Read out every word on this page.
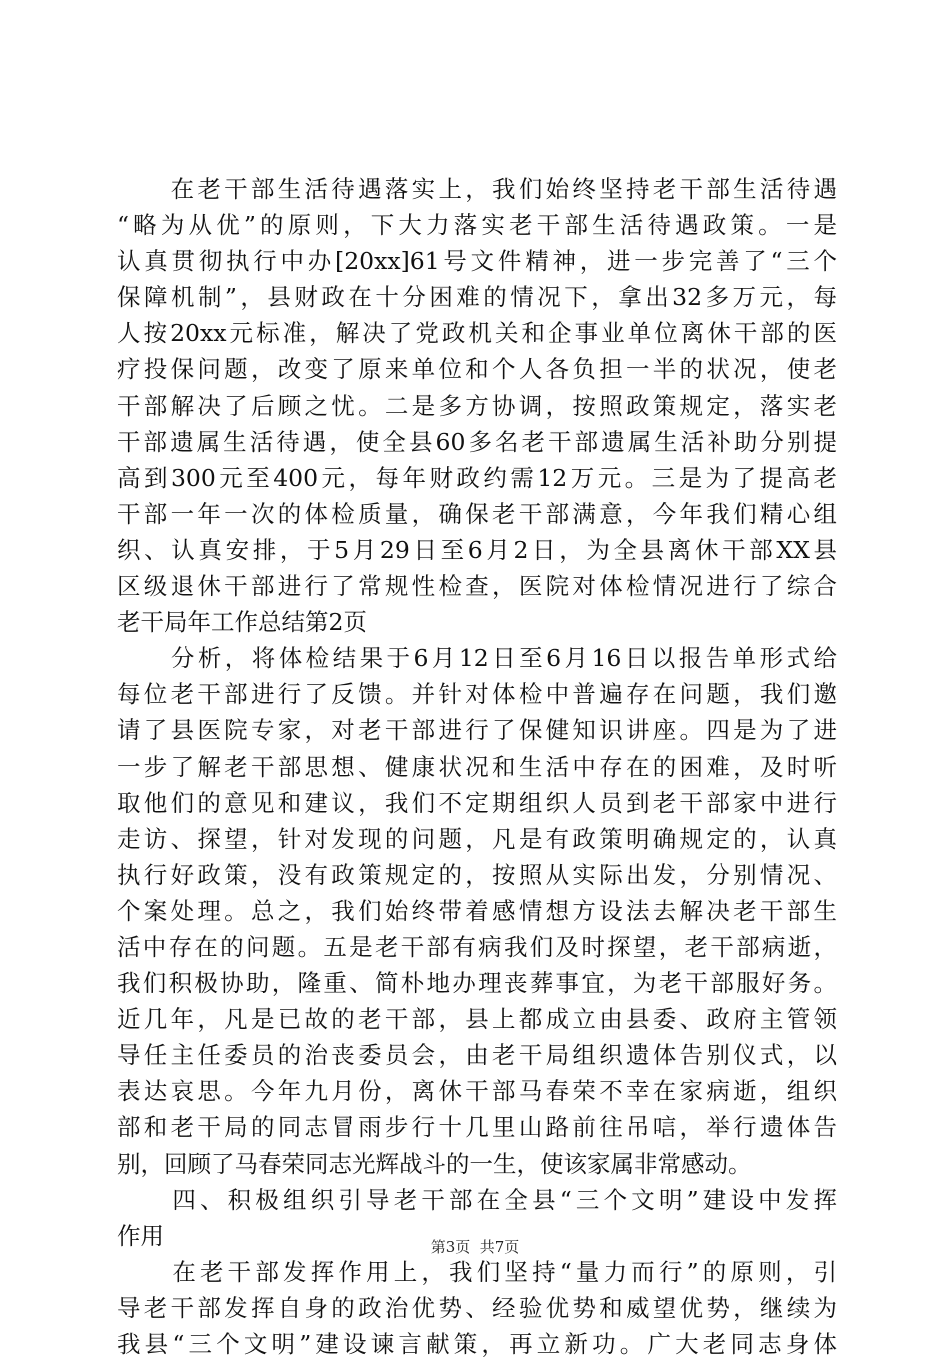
　　在老干部生活待遇落实上，我们始终坚持老干部生活待遇
“略为从优”的原则，下大力落实老干部生活待遇政策。一是
认真贯彻执行中办[20xx]61号文件精神，进一步完善了“三个
保障机制”，县财政在十分困难的情况下，拿出32多万元，每
人按20xx元标准，解决了党政机关和企事业单位离休干部的医
疗投保问题，改变了原来单位和个人各负担一半的状况，使老
干部解决了后顾之忧。二是多方协调，按照政策规定，落实老
干部遗属生活待遇，使全县60多名老干部遗属生活补助分别提
高到300元至400元，每年财政约需12万元。三是为了提高老
干部一年一次的体检质量，确保老干部满意，今年我们精心组
织、认真安排，于5月29日至6月2日，为全县离休干部XX县
区级退休干部进行了常规性检查，医院对体检情况进行了综合
老干局年工作总结第2页
　　分析，将体检结果于6月12日至6月16日以报告单形式给
每位老干部进行了反馈。并针对体检中普遍存在问题，我们邀
请了县医院专家，对老干部进行了保健知识讲座。四是为了进
一步了解老干部思想、健康状况和生活中存在的困难，及时听
取他们的意见和建议，我们不定期组织人员到老干部家中进行
走访、探望，针对发现的问题，凡是有政策明确规定的，认真
执行好政策，没有政策规定的，按照从实际出发，分别情况、
个案处理。总之，我们始终带着感情想方设法去解决老干部生
活中存在的问题。五是老干部有病我们及时探望，老干部病逝，
我们积极协助，隆重、简朴地办理丧葬事宜，为老干部服好务。
近几年，凡是已故的老干部，县上都成立由县委、政府主管领
导任主任委员的治丧委员会，由老干局组织遗体告别仪式，以
表达哀思。今年九月份，离休干部马春荣不幸在家病逝，组织
部和老干局的同志冒雨步行十几里山路前往吊唁，举行遗体告
别，回顾了马春荣同志光辉战斗的一生，使该家属非常感动。
　　四、积极组织引导老干部在全县“三个文明”建设中发挥
作用
　　在老干部发挥作用上，我们坚持“量力而行”的原则，引
导老干部发挥自身的政治优势、经验优势和威望优势，继续为
我县“三个文明”建设谏言献策，再立新功。广大老同志身体
第3页  共7页
